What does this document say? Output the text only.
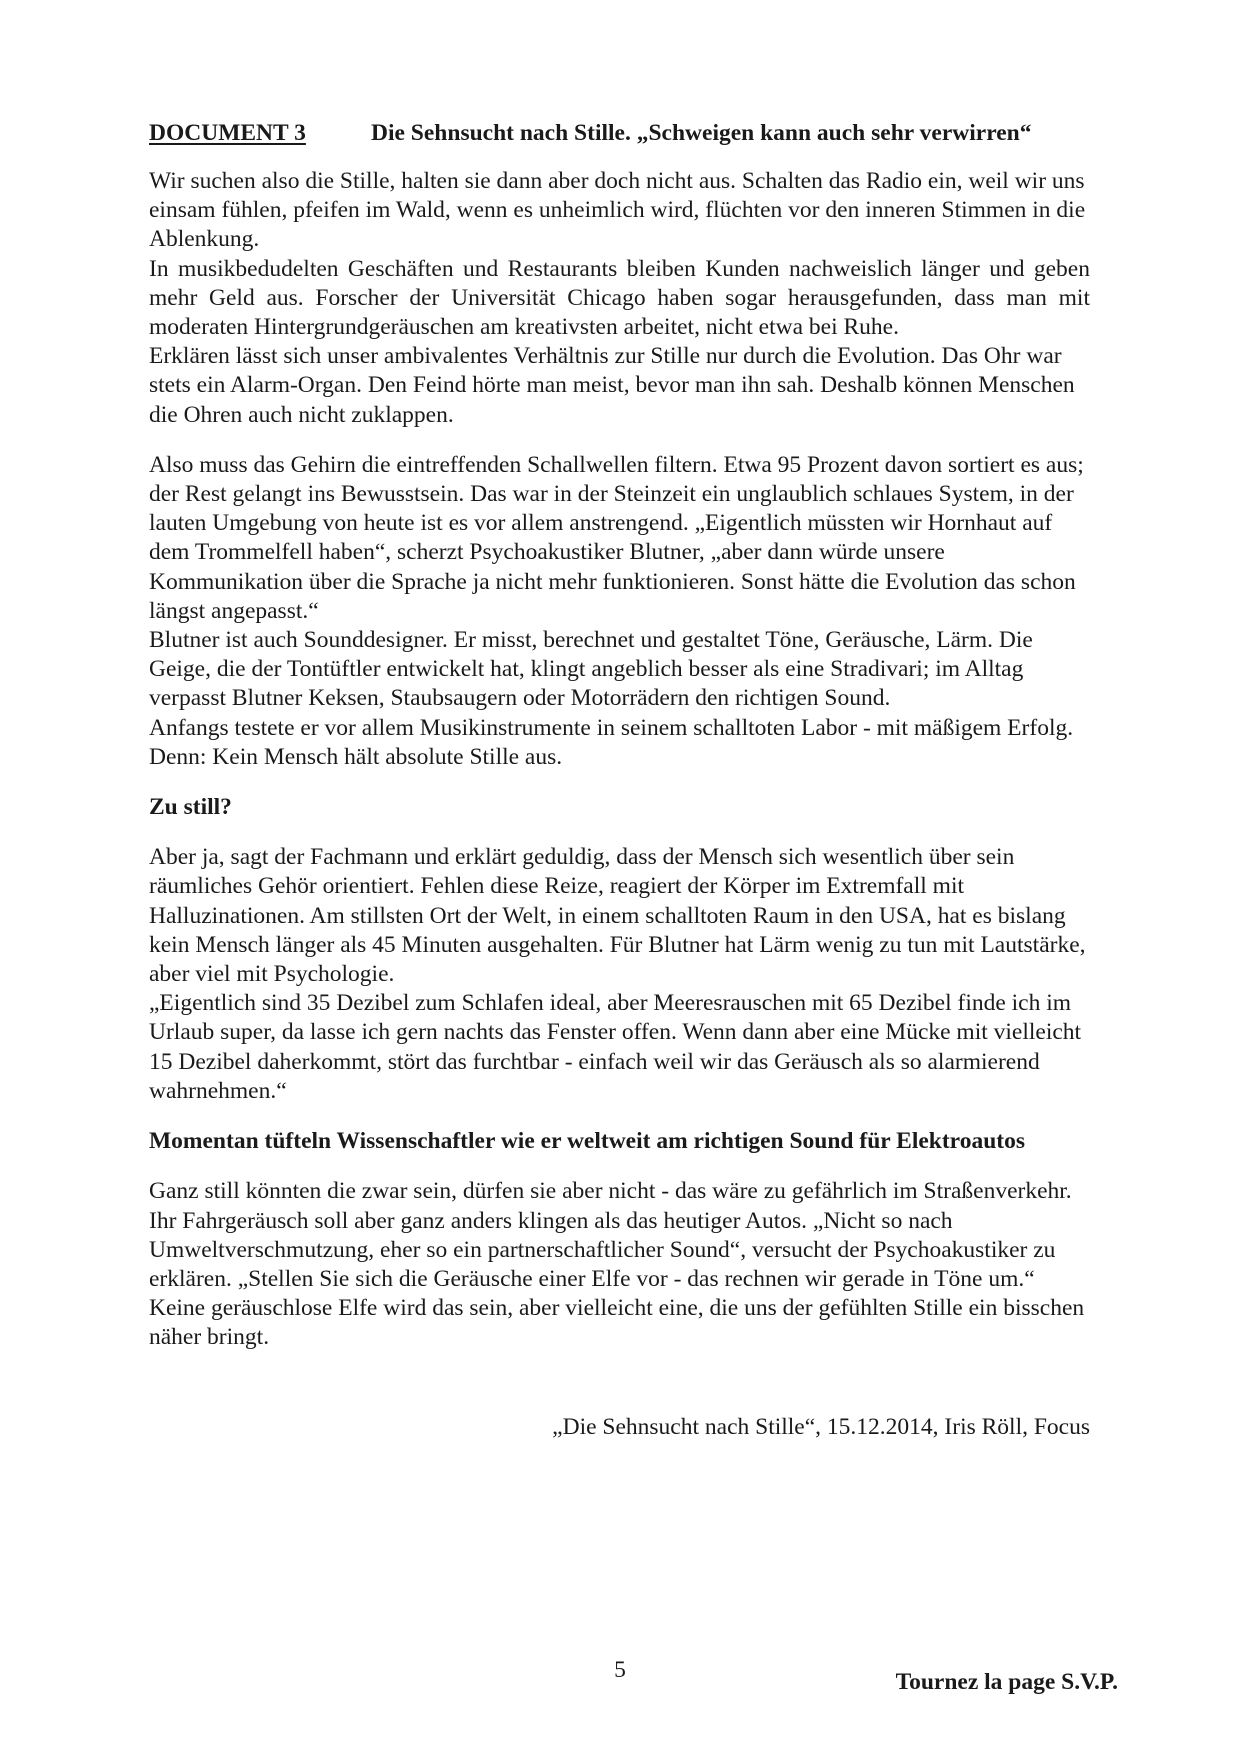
DOCUMENT 3	Die Sehnsucht nach Stille. „Schweigen kann auch sehr verwirren“

Wir suchen also die Stille, halten sie dann aber doch nicht aus. Schalten das Radio ein, weil wir uns einsam fühlen, pfeifen im Wald, wenn es unheimlich wird, flüchten vor den inneren Stimmen in die Ablenkung.

In musikbedudelten Geschäften und Restaurants bleiben Kunden nachweislich länger und geben mehr Geld aus. Forscher der Universität Chicago haben sogar herausgefunden, dass man mit moderaten Hintergrundgeräuschen am kreativsten arbeitet, nicht etwa bei Ruhe.

Erklären lässt sich unser ambivalentes Verhältnis zur Stille nur durch die Evolution. Das Ohr war stets ein Alarm-Organ. Den Feind hörte man meist, bevor man ihn sah. Deshalb können Menschen die Ohren auch nicht zuklappen.

Also muss das Gehirn die eintreffenden Schallwellen filtern. Etwa 95 Prozent davon sortiert es aus; der Rest gelangt ins Bewusstsein. Das war in der Steinzeit ein unglaublich schlaues System, in der lauten Umgebung von heute ist es vor allem anstrengend. „Eigentlich müssten wir Hornhaut auf dem Trommelfell haben“, scherzt Psychoakustiker Blutner, „aber dann würde unsere Kommunikation über die Sprache ja nicht mehr funktionieren. Sonst hätte die Evolution das schon längst angepasst.“

Blutner ist auch Sounddesigner. Er misst, berechnet und gestaltet Töne, Geräusche, Lärm. Die Geige, die der Tontüftler entwickelt hat, klingt angeblich besser als eine Stradivari; im Alltag verpasst Blutner Keksen, Staubsaugern oder Motorrädern den richtigen Sound.

Anfangs testete er vor allem Musikinstrumente in seinem schalltoten Labor - mit mäßigem Erfolg. Denn: Kein Mensch hält absolute Stille aus.

Zu still?

Aber ja, sagt der Fachmann und erklärt geduldig, dass der Mensch sich wesentlich über sein räumliches Gehör orientiert. Fehlen diese Reize, reagiert der Körper im Extremfall mit Halluzinationen. Am stillsten Ort der Welt, in einem schalltoten Raum in den USA, hat es bislang kein Mensch länger als 45 Minuten ausgehalten. Für Blutner hat Lärm wenig zu tun mit Lautstärke, aber viel mit Psychologie.

„Eigentlich sind 35 Dezibel zum Schlafen ideal, aber Meeresrauschen mit 65 Dezibel finde ich im Urlaub super, da lasse ich gern nachts das Fenster offen. Wenn dann aber eine Mücke mit vielleicht 15 Dezibel daherkommt, stört das furchtbar - einfach weil wir das Geräusch als so alarmierend wahrnehmen.“

Momentan tüfteln Wissenschaftler wie er weltweit am richtigen Sound für Elektroautos

Ganz still könnten die zwar sein, dürfen sie aber nicht - das wäre zu gefährlich im Straßenverkehr. Ihr Fahrgeräusch soll aber ganz anders klingen als das heutiger Autos. „Nicht so nach Umweltverschmutzung, eher so ein partnerschaftlicher Sound“, versucht der Psychoakustiker zu erklären. „Stellen Sie sich die Geräusche einer Elfe vor - das rechnen wir gerade in Töne um.“ Keine geräuschlose Elfe wird das sein, aber vielleicht eine, die uns der gefühlten Stille ein bisschen näher bringt.

„Die Sehnsucht nach Stille“, 15.12.2014, Iris Röll, Focus
5	Tournez la page S.V.P.
